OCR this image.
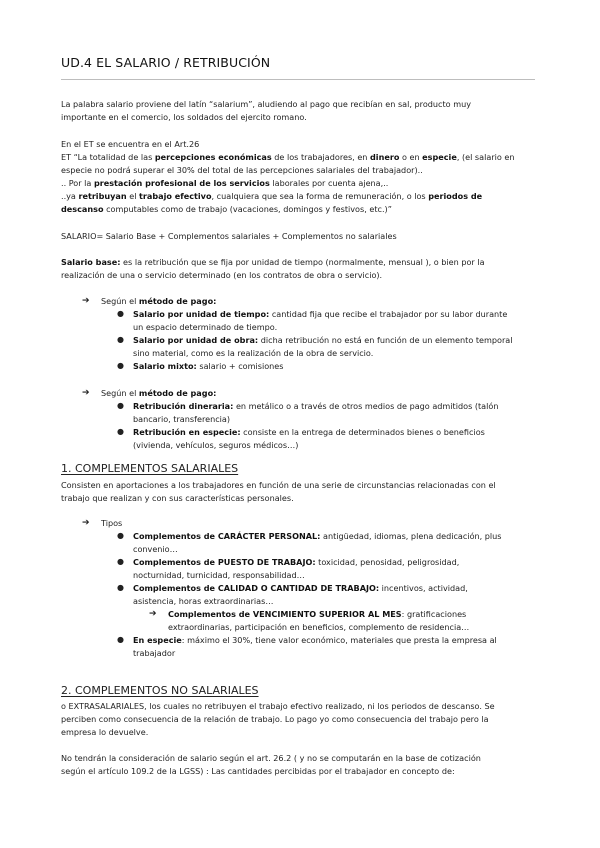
UD.4 EL SALARIO / RETRIBUCIÓN
La palabra salario proviene del latín “salarium”, aludiendo al pago que recibían en sal, producto muy
importante en el comercio, los soldados del ejercito romano.
En el ET se encuentra en el Art.26
ET “La totalidad de las percepciones económicas de los trabajadores, en dinero o en especie, (el salario en
especie no podrá superar el 30% del total de las percepciones salariales del trabajador)..
.. Por la prestación profesional de los servicios laborales por cuenta ajena,..
..ya retribuyan el trabajo efectivo, cualquiera que sea la forma de remuneración, o los periodos de
descanso computables como de trabajo (vacaciones, domingos y festivos, etc.)”
SALARIO= Salario Base + Complementos salariales + Complementos no salariales
Salario base: es la retribución que se fija por unidad de tiempo (normalmente, mensual ), o bien por la
realización de una o servicio determinado (en los contratos de obra o servicio).
➔ Según el método de pago:
● Salario por unidad de tiempo: cantidad fija que recibe el trabajador por su labor durante
un espacio determinado de tiempo.
● Salario por unidad de obra: dicha retribución no está en función de un elemento temporal
sino material, como es la realización de la obra de servicio.
● Salario mixto: salario + comisiones
➔ Según el método de pago:
● Retribución dineraria: en metálico o a través de otros medios de pago admitidos (talón
bancario, transferencia)
● Retribución en especie: consiste en la entrega de determinados bienes o beneficios
(vivienda, vehículos, seguros médicos…)
1. COMPLEMENTOS SALARIALES
Consisten en aportaciones a los trabajadores en función de una serie de circunstancias relacionadas con el
trabajo que realizan y con sus características personales.
➔ Tipos
● Complementos de CARÁCTER PERSONAL: antigüedad, idiomas, plena dedicación, plus
convenio…
● Complementos de PUESTO DE TRABAJO: toxicidad, penosidad, peligrosidad,
nocturnidad, turnicidad, responsabilidad…
● Complementos de CALIDAD O CANTIDAD DE TRABAJO: incentivos, actividad,
asistencia, horas extraordinarias…
➔ Complementos de VENCIMIENTO SUPERIOR AL MES: gratificaciones
extraordinarias, participación en beneficios, complemento de residencia…
● En especie: máximo el 30%, tiene valor económico, materiales que presta la empresa al
trabajador
2. COMPLEMENTOS NO SALARIALES
o EXTRASALARIALES, los cuales no retribuyen el trabajo efectivo realizado, ni los periodos de descanso. Se
perciben como consecuencia de la relación de trabajo. Lo pago yo como consecuencia del trabajo pero la
empresa lo devuelve.
No tendrán la consideración de salario según el art. 26.2 ( y no se computarán en la base de cotización
según el artículo 109.2 de la LGSS) : Las cantidades percibidas por el trabajador en concepto de:
